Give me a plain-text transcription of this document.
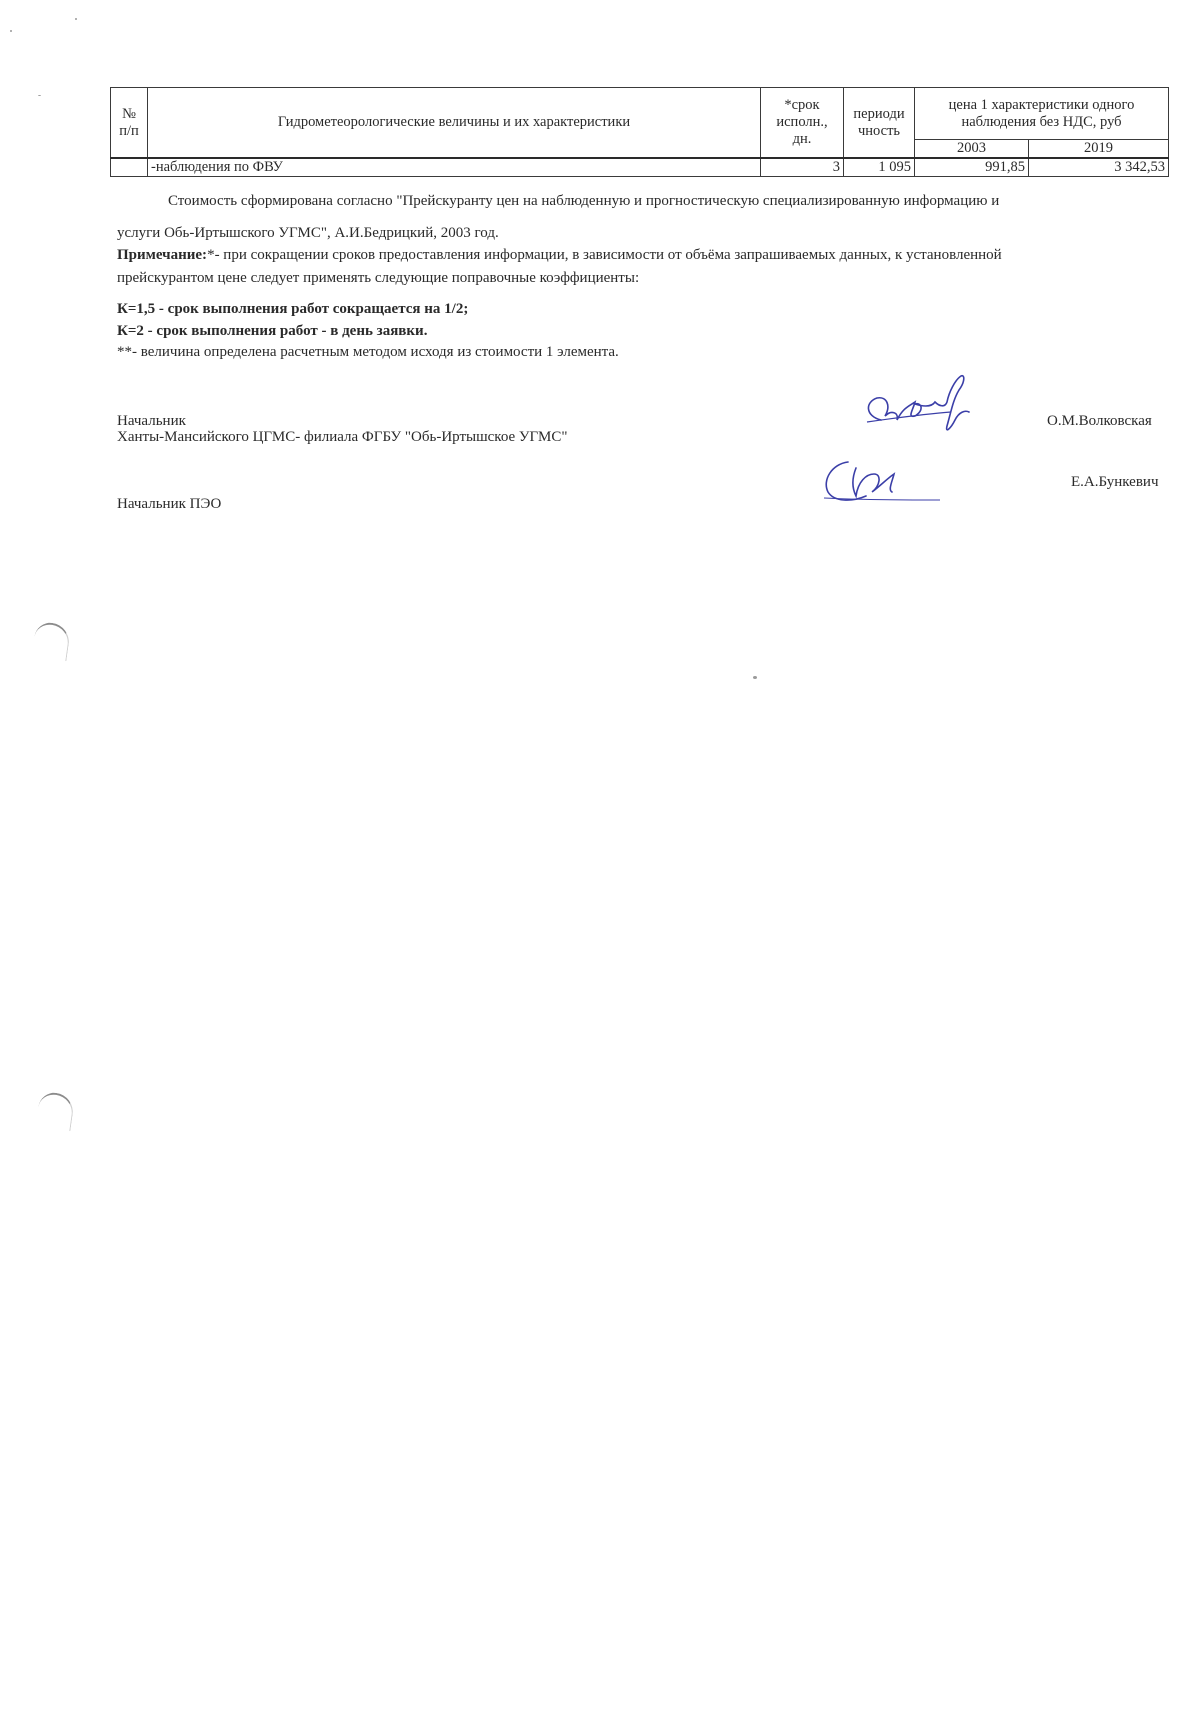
№ п/п	Гидрометеорологические величины и их характеристики	*срок исполн., дн.	периоди чность	цена 1 характеристики одного наблюдения без НДС, руб	
				2003	2019
	-наблюдения по ФВУ	3	1 095	991,85	3 342,53
Стоимость сформирована согласно "Прейскуранту цен на наблюденную и прогностическую специализированную информацию и
услуги Обь-Иртышского УГМС", А.И.Бедрицкий, 2003 год.
Примечание:*- при сокращении сроков предоставления информации, в зависимости от объёма запрашиваемых данных, к установленной
прейскурантом цене следует применять следующие поправочные коэффициенты:
К=1,5 - срок выполнения работ сокращается на 1/2;
К=2 - срок выполнения работ - в день заявки.
**- величина определена расчетным методом исходя из стоимости 1 элемента.
Начальник
Ханты-Мансийского ЦГМС- филиала ФГБУ "Обь-Иртышское УГМС"
О.М.Волковская
Начальник ПЭО
Е.А.Бункевич
